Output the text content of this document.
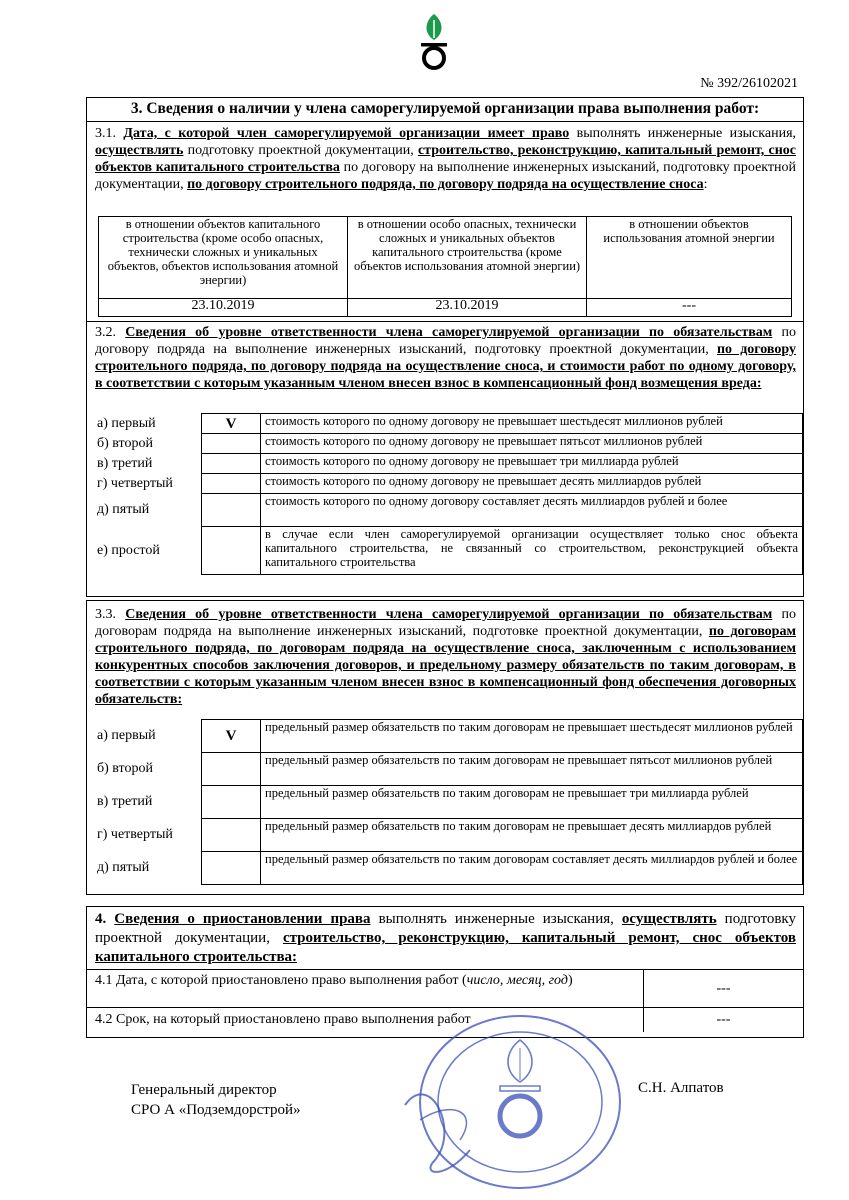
№ 392/26102021
3. Сведения о наличии у члена саморегулируемой организации права выполнения работ:
3.1. Дата, с которой член саморегулируемой организации имеет право выполнять инженерные изыскания, осуществлять подготовку проектной документации, строительство, реконструкцию, капитальный ремонт, снос объектов капитального строительства по договору на выполнение инженерных изысканий, подготовку проектной документации, по договору строительного подряда, по договору подряда на осуществление сноса:
в отношении объектов капитального строительства (кроме особо опасных, технически сложных и уникальных объектов, объектов использования атомной энергии)	в отношении особо опасных, технически сложных и уникальных объектов капитального строительства (кроме объектов использования атомной энергии)	в отношении объектов использования атомной энергии
23.10.2019	23.10.2019	---
3.2. Сведения об уровне ответственности члена саморегулируемой организации по обязательствам по договору подряда на выполнение инженерных изысканий, подготовку проектной документации, по договору строительного подряда, по договору подряда на осуществление сноса, и стоимости работ по одному договору, в соответствии с которым указанным членом внесен взнос в компенсационный фонд возмещения вреда:
а) первый	V	стоимость которого по одному договору не превышает шестьдесят миллионов рублей
б) второй		стоимость которого по одному договору не превышает пятьсот миллионов рублей
в) третий		стоимость которого по одному договору не превышает три миллиарда рублей
г) четвертый		стоимость которого по одному договору не превышает десять миллиардов рублей
д) пятый		стоимость которого по одному договору составляет десять миллиардов рублей и более
е) простой		в случае если член саморегулируемой организации осуществляет только снос объекта капитального строительства, не связанный со строительством, реконструкцией объекта капитального строительства
3.3. Сведения об уровне ответственности члена саморегулируемой организации по обязательствам по договорам подряда на выполнение инженерных изысканий, подготовке проектной документации, по договорам строительного подряда, по договорам подряда на осуществление сноса, заключенным с использованием конкурентных способов заключения договоров, и предельному размеру обязательств по таким договорам, в соответствии с которым указанным членом внесен взнос в компенсационный фонд обеспечения договорных обязательств:
а) первый	V	предельный размер обязательств по таким договорам не превышает шестьдесят миллионов рублей
б) второй		предельный размер обязательств по таким договорам не превышает пятьсот миллионов рублей
в) третий		предельный размер обязательств по таким договорам не превышает три миллиарда рублей
г) четвертый		предельный размер обязательств по таким договорам не превышает десять миллиардов рублей
д) пятый		предельный размер обязательств по таким договорам составляет десять миллиардов рублей и более
4. Сведения о приостановлении права выполнять инженерные изыскания, осуществлять подготовку проектной документации, строительство, реконструкцию, капитальный ремонт, снос объектов капитального строительства:
4.1 Дата, с которой приостановлено право выполнения работ (число, месяц, год)	---
4.2 Срок, на который приостановлено право выполнения работ	---
Генеральный директор
СРО А «Подземдорстрой»
С.Н. Алпатов
